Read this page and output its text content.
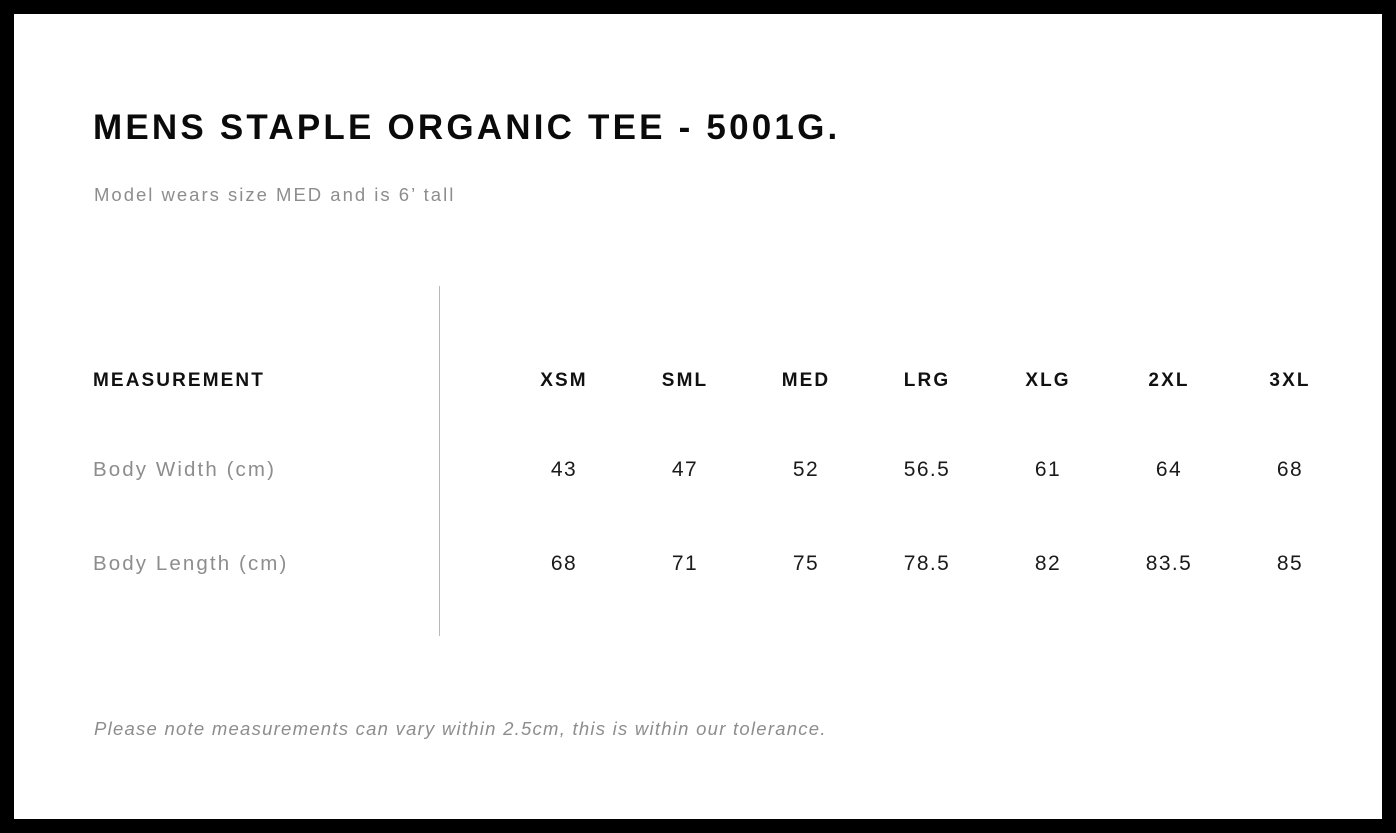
MENS STAPLE ORGANIC TEE - 5001G.
Model wears size MED and is 6’ tall
MEASUREMENT	XSM	SML	MED	LRG	XLG	2XL	3XL
Body Width (cm)	43	47	52	56.5	61	64	68
Body Length (cm)	68	71	75	78.5	82	83.5	85
Please note measurements can vary within 2.5cm, this is within our tolerance.
